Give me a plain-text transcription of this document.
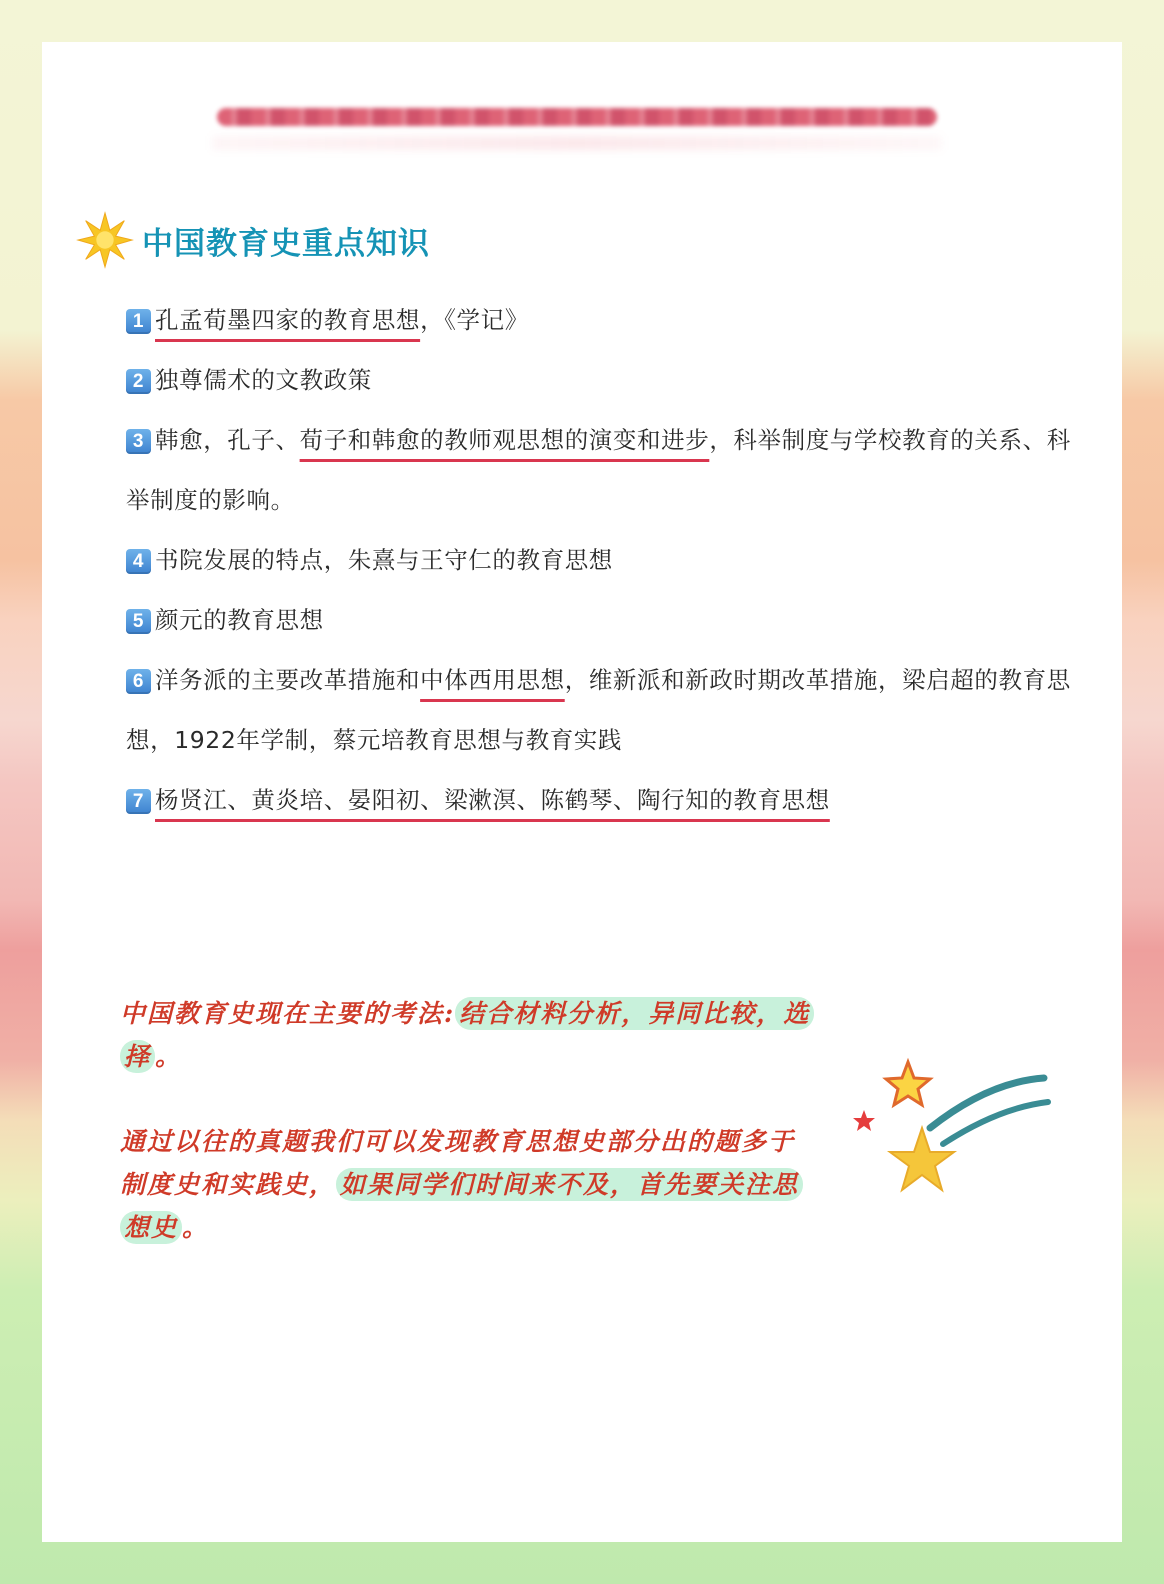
中国教育史重点知识
1 孔孟荀墨四家的教育思想，《学记》
2 独尊儒术的文教政策
3 韩愈，孔子、荀子和韩愈的教师观思想的演变和进步，科举制度与学校教育的关系、科举制度的影响。
4 书院发展的特点，朱熹与王守仁的教育思想
5 颜元的教育思想
6 洋务派的主要改革措施和中体西用思想，维新派和新政时期改革措施，梁启超的教育思想，1922年学制，蔡元培教育思想与教育实践
7 杨贤江、黄炎培、晏阳初、梁漱溟、陈鹤琴、陶行知的教育思想
中国教育史现在主要的考法: 结合材料分析，异同比较，选择 。
通过以往的真题我们可以发现教育思想史部分出的题多于制度史和实践史， 如果同学们时间来不及，首先要关注思想史 。
